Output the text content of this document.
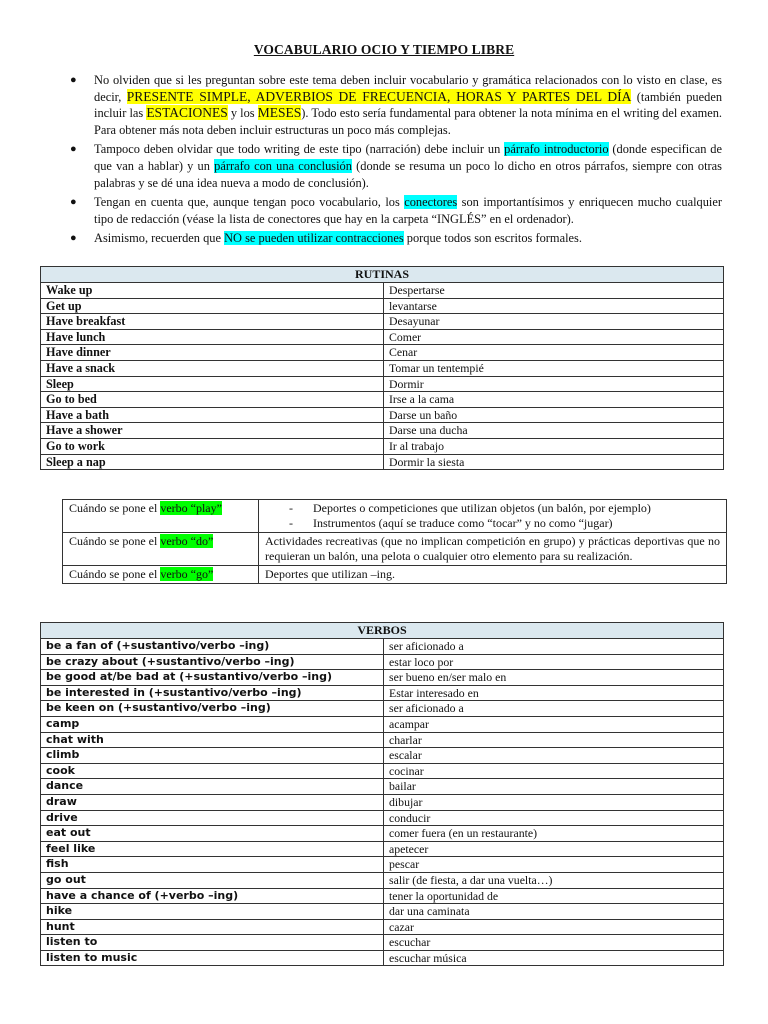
VOCABULARIO OCIO Y TIEMPO LIBRE
● No olviden que si les preguntan sobre este tema deben incluir vocabulario y gramática relacionados con lo visto en clase, es decir, PRESENTE SIMPLE, ADVERBIOS DE FRECUENCIA, HORAS Y PARTES DEL DÍA (también pueden incluir las ESTACIONES y los MESES). Todo esto sería fundamental para obtener la nota mínima en el writing del examen. Para obtener más nota deben incluir estructuras un poco más complejas.
● Tampoco deben olvidar que todo writing de este tipo (narración) debe incluir un párrafo introductorio (donde especifican de que van a hablar) y un párrafo con una conclusión (donde se resuma un poco lo dicho en otros párrafos, siempre con otras palabras y se dé una idea nueva a modo de conclusión).
● Tengan en cuenta que, aunque tengan poco vocabulario, los conectores son importantísimos y enriquecen mucho cualquier tipo de redacción (véase la lista de conectores que hay en la carpeta “INGLÉS” en el ordenador).
● Asimismo, recuerden que NO se pueden utilizar contracciones porque todos son escritos formales.
RUTINAS	
Wake up	Despertarse
Get up	levantarse
Have breakfast	Desayunar
Have lunch	Comer
Have dinner	Cenar
Have a snack	Tomar un tentempié
Sleep	Dormir
Go to bed	Irse a la cama
Have a bath	Darse un baño
Have a shower	Darse una ducha
Go to work	Ir al trabajo
Sleep a nap	Dormir la siesta
Cuándo se pone el verbo “play”	- Deportes o competiciones que utilizan objetos (un balón, por ejemplo)
- Instrumentos (aquí se traduce como “tocar” y no como “jugar)

Cuándo se pone el verbo “do”	Actividades recreativas (que no implican competición en grupo) y prácticas deportivas que no requieran un balón, una pelota o cualquier otro elemento para su realización.
Cuándo se pone el verbo “go”	Deportes que utilizan –ing.
VERBOS	
be a fan of (+sustantivo/verbo –ing)	ser aficionado a
be crazy about (+sustantivo/verbo –ing)	estar loco por
be good at/be bad at (+sustantivo/verbo –ing)	ser bueno en/ser malo en
be interested in (+sustantivo/verbo –ing)	Estar interesado en
be keen on (+sustantivo/verbo –ing)	ser aficionado a
camp	acampar
chat with	charlar
climb	escalar
cook	cocinar
dance	bailar
draw	dibujar
drive	conducir
eat out	comer fuera (en un restaurante)
feel like	apetecer
fish	pescar
go out	salir (de fiesta, a dar una vuelta…)
have a chance of (+verbo –ing)	tener la oportunidad de
hike	dar una caminata
hunt	cazar
listen to	escuchar
listen to music	escuchar música
